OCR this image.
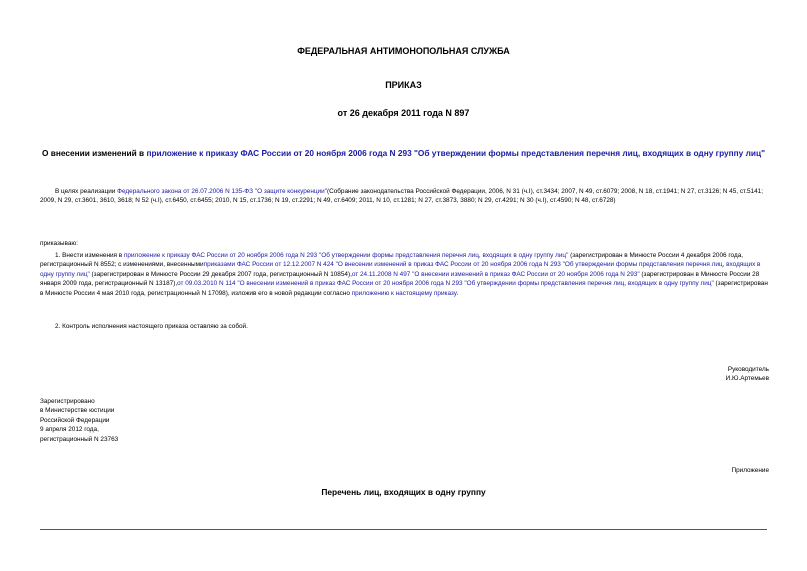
ФЕДЕРАЛЬНАЯ АНТИМОНОПОЛЬНАЯ СЛУЖБА
ПРИКАЗ
от 26 декабря 2011 года N 897
О внесении изменений в приложение к приказу ФАС России от 20 ноября 2006 года N 293 "Об утверждении формы представления перечня лиц, входящих в одну группу лиц"
В целях реализации Федерального закона от 26.07.2006 N 135-ФЗ "О защите конкуренции"(Собрание законодательства Российской Федерации, 2006, N 31 (ч.I), ст.3434; 2007, N 49, ст.6079; 2008, N 18, ст.1941; N 27, ст.3126; N 45, ст.5141; 2009, N 29, ст.3601, 3610, 3618; N 52 (ч.I), ст.6450, ст.6455; 2010, N 15, ст.1736; N 19, ст.2291; N 49, ст.6409; 2011, N 10, ст.1281; N 27, ст.3873, 3880; N 29, ст.4291; N 30 (ч.I), ст.4590; N 48, ст.6728)
приказываю:
1. Внести изменения в приложение к приказу ФАС России от 20 ноября 2006 года N 293 "Об утверждении формы представления перечня лиц, входящих в одну группу лиц" (зарегистрирован в Минюсте России 4 декабря 2006 года, регистрационный N 8552; с изменениями, внесеннымиприказами ФАС России от 12.12.2007 N 424 "О внесении изменений в приказ ФАС России от 20 ноября 2006 года N 293 "Об утверждении формы представления перечня лиц, входящих в одну группу лиц" (зарегистрирован в Минюсте России 29 декабря 2007 года, регистрационный N 10854),от 24.11.2008 N 497 "О внесении изменений в приказ ФАС России от 20 ноября 2006 года N 293" (зарегистрирован в Минюсте России 28 января 2009 года, регистрационный N 13187),от 09.03.2010 N 114 "О внесении изменений в приказ ФАС России от 20 ноября 2006 года N 293 "Об утверждении формы представления перечня лиц, входящих в одну группу лиц" (зарегистрирован в Минюсте России 4 мая 2010 года, регистрационный N 17098), изложив его в новой редакции согласно приложению к настоящему приказу.
2. Контроль исполнения настоящего приказа оставляю за собой.
Руководитель
И.Ю.Артемьев
Зарегистрировано
в Министерстве юстиции
Российской Федерации
9 апреля 2012 года,
регистрационный N 23763
Приложение
Перечень лиц, входящих в одну группу
